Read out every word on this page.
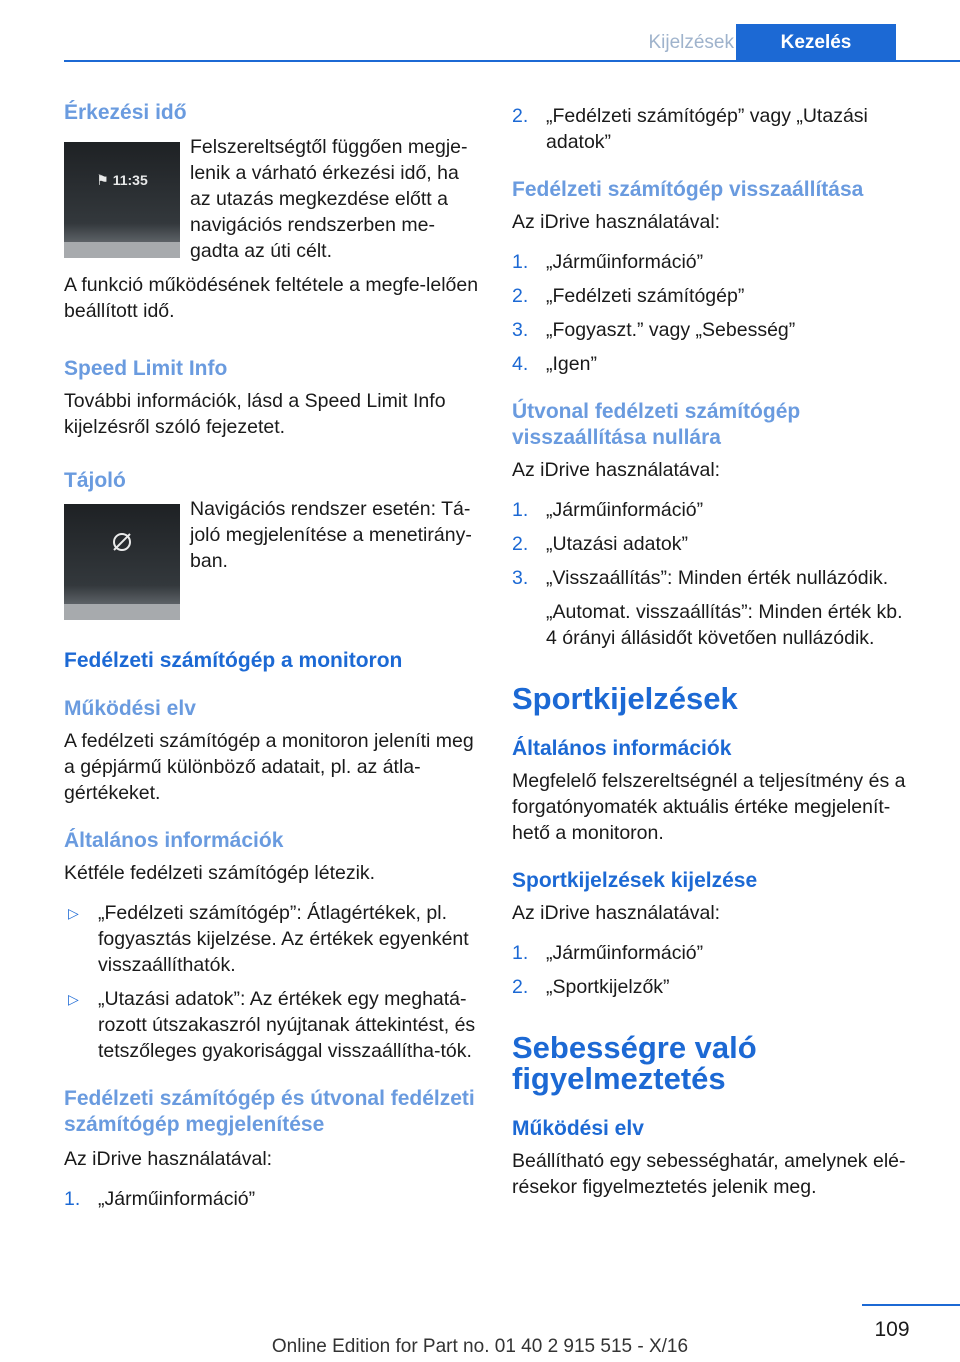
Kijelzések	Kezelés
Érkezési idő
⚑ 11:35

Felszereltségtől függően megje-lenik a várható érkezési idő, ha az utazás megkezdése előtt a navigációs rendszerben me-gadta az úti célt.

A funkció működésének feltétele a megfe-lelően beállított idő.

Speed Limit Info

További információk, lásd a Speed Limit Info kijelzésről szóló fejezetet.

Tájoló

Navigációs rendszer esetén: Tá-joló megjelenítése a menetirány-ban.

Fedélzeti számítógép a monitoron
Működési elv

A fedélzeti számítógép a monitoron jeleníti meg a gépjármű különböző adatait, pl. az átla-gértékeket.

Általános információk

Kétféle fedélzeti számítógép létezik.

▷ „Fedélzeti számítógép”: Átlagértékek, pl. fogyasztás kijelzése. Az értékek egyenként visszaállíthatók.
▷ „Utazási adatok”: Az értékek egy meghatá-rozott útszakaszról nyújtanak áttekintést, és tetszőleges gyakorisággal visszaállítha-tók.
Fedélzeti számítógép és útvonal fedélzeti számítógép megjelenítése

Az iDrive használatával:

1. „Járműinformáció”
2. „Fedélzeti számítógép” vagy „Utazási adatok”
Fedélzeti számítógép visszaállítása

Az iDrive használatával:

1. „Járműinformáció”
2. „Fedélzeti számítógép”
3. „Fogyaszt.” vagy „Sebesség”
4. „Igen”
Útvonal fedélzeti számítógép visszaállítása nullára

Az iDrive használatával:

1. „Járműinformáció”
2. „Utazási adatok”
3. „Visszaállítás”: Minden érték nullázódik.
„Automat. visszaállítás”: Minden érték kb. 4 órányi állásidőt követően nullázódik.
Sportkijelzések
Általános információk

Megfelelő felszereltségnél a teljesítmény és a forgatónyomaték aktuális értéke megjelenít-hető a monitoron.

Sportkijelzések kijelzése

Az iDrive használatával:

1. „Járműinformáció”
2. „Sportkijelzők”
Sebességre való figyelmeztetés
Működési elv

Beállítható egy sebességhatár, amelynek elé-résekor figyelmeztetés jelenik meg.

109
Online Edition for Part no. 01 40 2 915 515 - X/16
